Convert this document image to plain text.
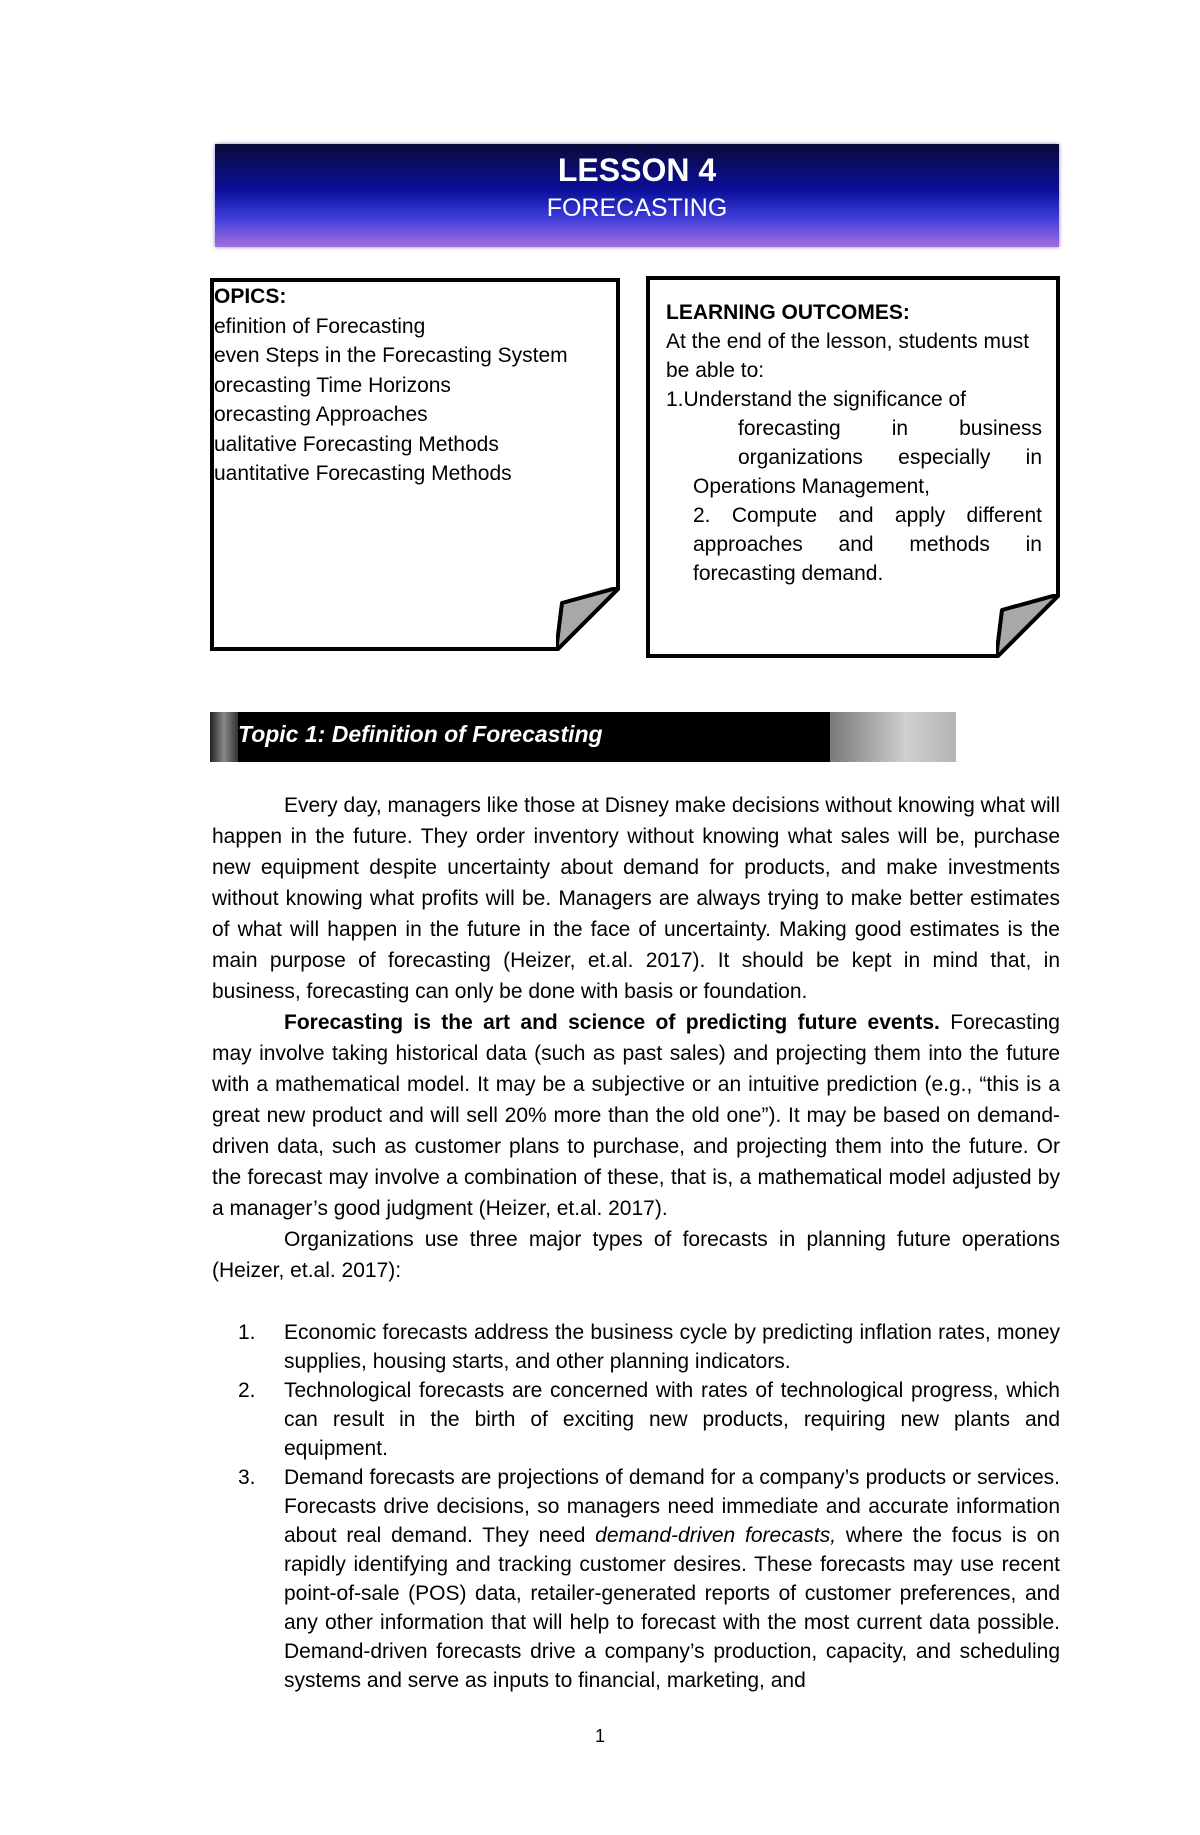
LESSON 4
FORECASTING
OPICS:
efinition of Forecasting
even Steps in the Forecasting System
orecasting Time Horizons
orecasting Approaches
ualitative Forecasting Methods
uantitative Forecasting Methods
LEARNING OUTCOMES:
At the end of the lesson, students must be able to:
1.Understand the significance of
forecasting in business
organizations especially in
Operations Management,
2. Compute and apply different approaches and methods in forecasting demand.
Topic 1: Definition of Forecasting

Every day, managers like those at Disney make decisions without knowing what will happen in the future. They order inventory without knowing what sales will be, purchase new equipment despite uncertainty about demand for products, and make investments without knowing what profits will be. Managers are always trying to make better estimates of what will happen in the future in the face of uncertainty. Making good estimates is the main purpose of forecasting (Heizer, et.al. 2017). It should be kept in mind that, in business, forecasting can only be done with basis or foundation.

Forecasting is the art and science of predicting future events. Forecasting may involve taking historical data (such as past sales) and projecting them into the future with a mathematical model. It may be a subjective or an intuitive prediction (e.g., “this is a great new product and will sell 20% more than the old one”). It may be based on demand-driven data, such as customer plans to purchase, and projecting them into the future. Or the forecast may involve a combination of these, that is, a mathematical model adjusted by a manager’s good judgment (Heizer, et.al. 2017).

Organizations use three major types of forecasts in planning future operations (Heizer, et.al. 2017):

1. Economic forecasts address the business cycle by predicting inflation rates, money supplies, housing starts, and other planning indicators.
2. Technological forecasts are concerned with rates of technological progress, which can result in the birth of exciting new products, requiring new plants and equipment.
3. Demand forecasts are projections of demand for a company’s products or services. Forecasts drive decisions, so managers need immediate and accurate information about real demand. They need demand-driven forecasts, where the focus is on rapidly identifying and tracking customer desires. These forecasts may use recent point-of-sale (POS) data, retailer-generated reports of customer preferences, and any other information that will help to forecast with the most current data possible. Demand-driven forecasts drive a company’s production, capacity, and scheduling systems and serve as inputs to financial, marketing, and
1
